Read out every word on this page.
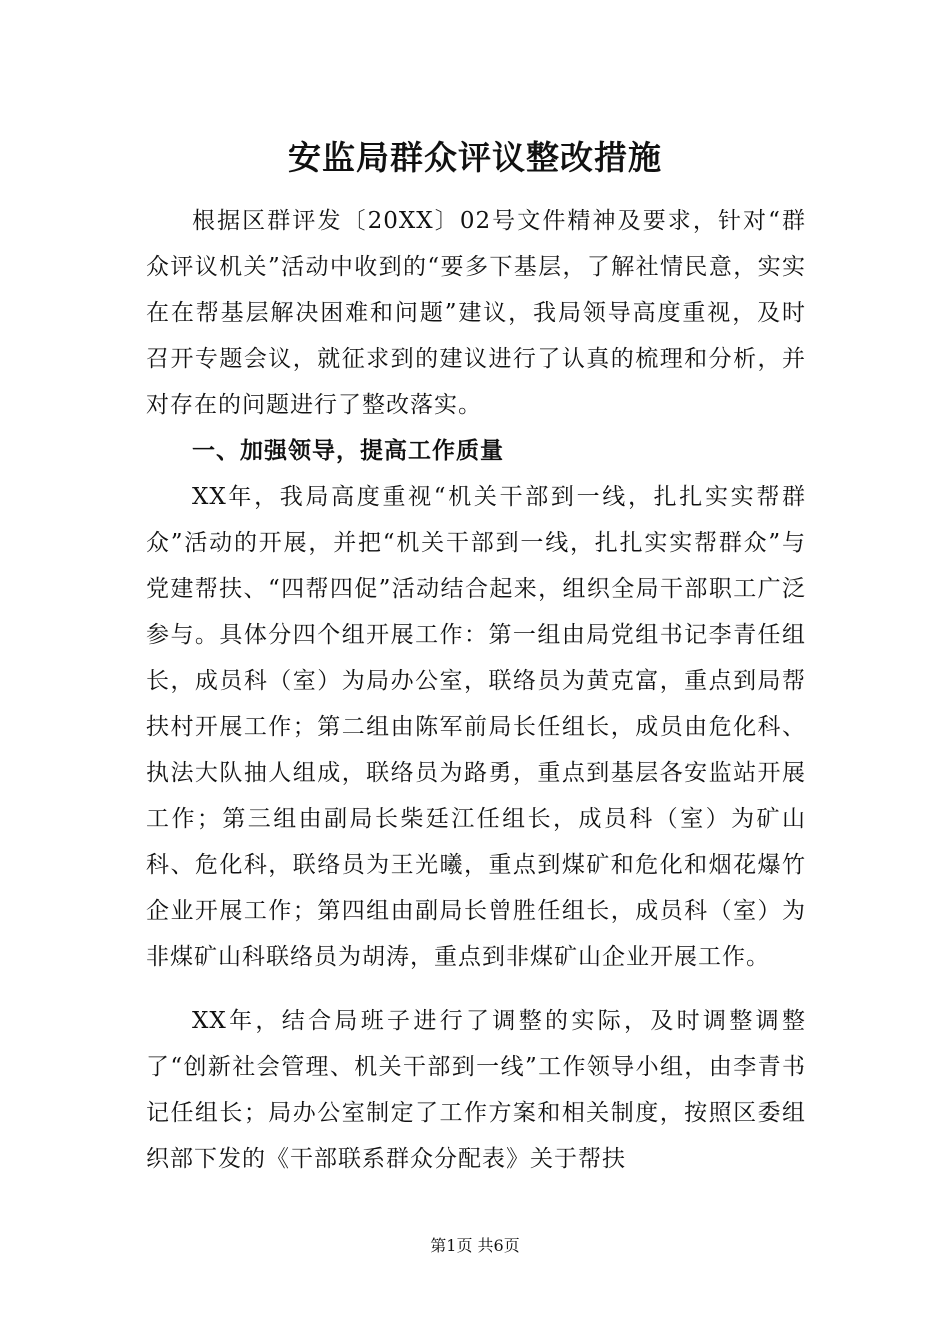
安监局群众评议整改措施

根据区群评发〔20XX〕02号文件精神及要求，针对“群众评议机关”活动中收到的“要多下基层，了解社情民意，实实在在帮基层解决困难和问题”建议，我局领导高度重视，及时召开专题会议，就征求到的建议进行了认真的梳理和分析，并对存在的问题进行了整改落实。

一、加强领导，提高工作质量

XX年，我局高度重视“机关干部到一线，扎扎实实帮群众”活动的开展，并把“机关干部到一线，扎扎实实帮群众”与党建帮扶、“四帮四促”活动结合起来，组织全局干部职工广泛参与。具体分四个组开展工作：第一组由局党组书记李青任组长，成员科（室）为局办公室，联络员为黄克富，重点到局帮扶村开展工作；第二组由陈军前局长任组长，成员由危化科、执法大队抽人组成，联络员为路勇，重点到基层各安监站开展工作；第三组由副局长柴廷江任组长，成员科（室）为矿山科、危化科，联络员为王光曦，重点到煤矿和危化和烟花爆竹企业开展工作；第四组由副局长曾胜任组长，成员科（室）为非煤矿山科联络员为胡涛，重点到非煤矿山企业开展工作。

XX年，结合局班子进行了调整的实际，及时调整调整了“创新社会管理、机关干部到一线”工作领导小组，由李青书记任组长；局办公室制定了工作方案和相关制度，按照区委组织部下发的《干部联系群众分配表》关于帮扶

第1页 共6页
